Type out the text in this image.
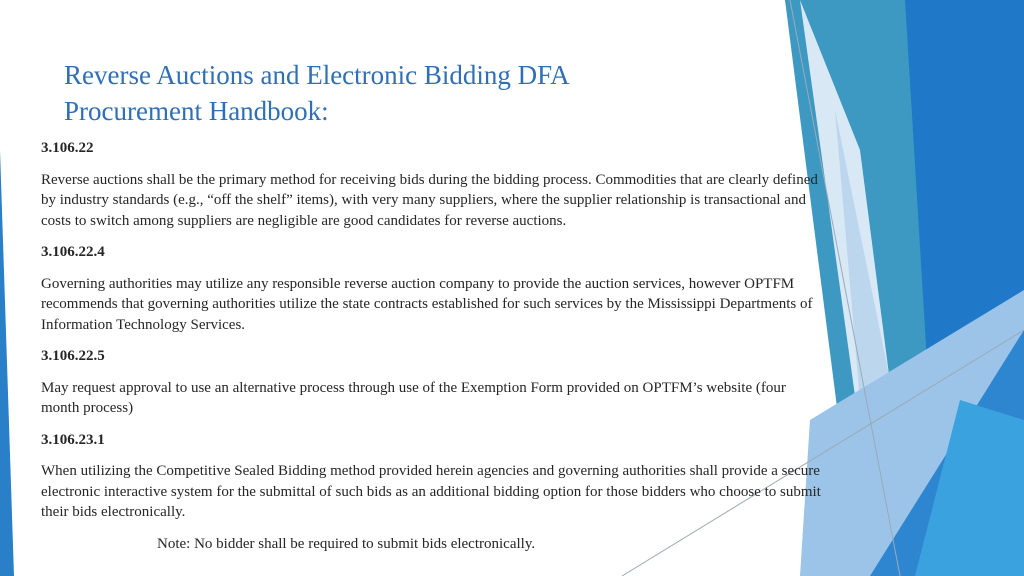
Reverse Auctions and Electronic Bidding DFA
Procurement Handbook:

3.106.22

Reverse auctions shall be the primary method for receiving bids during the bidding process. Commodities that are clearly defined by industry standards (e.g., “off the shelf” items), with very many suppliers, where the supplier relationship is transactional and costs to switch among suppliers are negligible are good candidates for reverse auctions.

3.106.22.4

Governing authorities may utilize any responsible reverse auction company to provide the auction services, however OPTFM recommends that governing authorities utilize the state contracts established for such services by the Mississippi Departments of Information Technology Services.

3.106.22.5

May request approval to use an alternative process through use of the Exemption Form provided on OPTFM’s website (four month process)

3.106.23.1

When utilizing the Competitive Sealed Bidding method provided herein agencies and governing authorities shall provide a secure electronic interactive system for the submittal of such bids as an additional bidding option for those bidders who choose to submit their bids electronically.

Note: No bidder shall be required to submit bids electronically.
